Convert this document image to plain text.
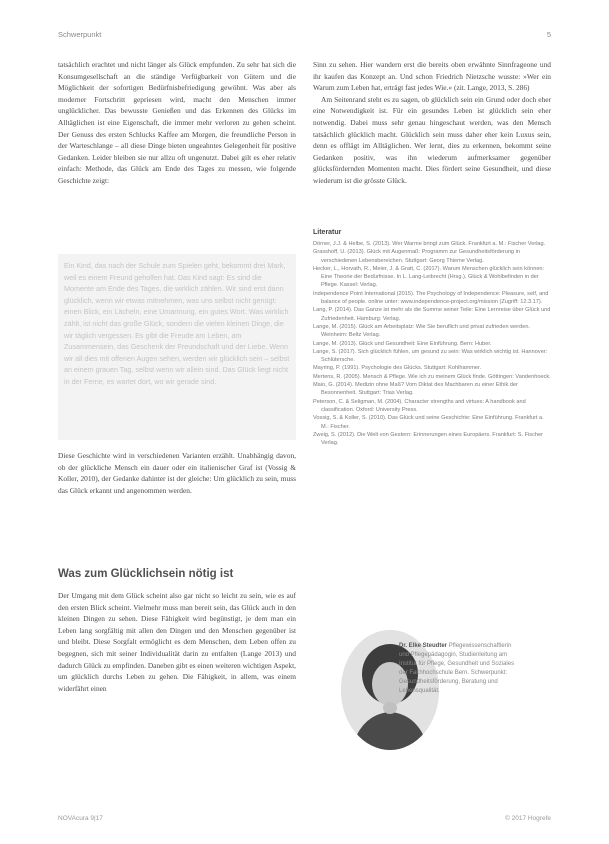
Schwerpunkt	5

tatsächlich erachtet und nicht länger als Glück empfunden. Zu sehr hat sich die Konsumgesellschaft an die ständige Verfügbarkeit von Gütern und die Möglichkeit der sofortigen Bedürfnisbefriedigung gewöhnt. Was aber als moderner Fortschritt gepriesen wird, macht den Menschen immer unglücklicher. Das bewusste Genießen und das Erkennen des Glücks im Alltäglichen ist eine Eigenschaft, die immer mehr verloren zu gehen scheint. Der Genuss des ersten Schlucks Kaffee am Morgen, die freundliche Person in der Warteschlange – all diese Dinge bieten ungeahntes Gelegenheit für positive Gedanken. Leider bleiben sie nur allzu oft ungenutzt. Dabei gilt es eher relativ einfach: Methode, das Glück am Ende des Tages zu messen, wie folgende Geschichte zeigt:

Ein Kind, das nach der Schule zum Spielen geht, bekommt drei Mark, weil es einem Freund geholfen hat. Das Kind sagt: Es sind die Momente am Ende des Tages, die wirklich zählen. Wir sind erst dann glücklich, wenn wir etwas mitnehmen, was uns selbst nicht genügt: einen Blick, ein Lächeln, eine Umarmung, ein gutes Wort. Was wirklich zählt, ist nicht das große Glück, sondern die vielen kleinen Dinge, die wir täglich vergessen. Es gibt die Freude am Leben, am Zusammensein, das Geschenk der Freundschaft und der Liebe. Wenn wir all dies mit offenen Augen sehen, werden wir glücklich sein – selbst an einem grauen Tag, selbst wenn wir allein sind. Das Glück liegt nicht in der Ferne, es wartet dort, wo wir gerade sind.

Diese Geschichte wird in verschiedenen Varianten erzählt. Unabhängig davon, ob der glückliche Mensch ein dauer oder ein italienischer Graf ist (Vossig & Koller, 2010), der Gedanke dahinter ist der gleiche: Um glücklich zu sein, muss das Glück erkannt und angenommen werden.

Was zum Glücklichsein nötig ist

Der Umgang mit dem Glück scheint also gar nicht so leicht zu sein, wie es auf den ersten Blick scheint. Vielmehr muss man bereit sein, das Glück auch in den kleinen Dingen zu sehen. Diese Fähigkeit wird begünstigt, je dem man ein Leben lang sorgfältig mit allen den Dingen und den Menschen gegenüber ist und bleibt. Diese Sorgfalt ermöglicht es dem Menschen, dem Leben offen zu begegnen, sich mit seiner Individualität darin zu entfalten (Lange 2013) und dadurch Glück zu empfinden. Daneben gibt es einen weiteren wichtigen Aspekt, um glücklich durchs Leben zu gehen. Die Fähigkeit, in allem, was einem widerfährt einen

Sinn zu sehen. Hier wandern erst die bereits oben erwähnte Sinnfrageone und ihr kaufen das Konzept an. Und schon Friedrich Nietzsche wusste: »Wer ein Warum zum Leben hat, erträgt fast jedes Wie.« (zit. Lange, 2013, S. 286)

Am Seitenrand steht es zu sagen, ob glücklich sein ein Grund oder doch eher eine Notwendigkeit ist. Für ein gesundes Leben ist glücklich sein eher notwendig. Dabei muss sehr genau hingeschaut werden, was den Mensch tatsächlich glücklich macht. Glücklich sein muss daher eher kein Luxus sein, denn es offlägt im Alltäglichen. Wer lernt, dies zu erkennen, bekommt seine Gedanken positiv, was ihn wiederum aufmerksamer gegenüber glücksfördernden Momenten macht. Dies fördert seine Gesundheit, und diese wiederum ist die grösste Glück.

Literatur
Dörner, J.J. & Helbe, S. (2013). Wer Warme bringt zum Glück. Frankfurt a. M.: Fischer Verlag.
Grasshoff, U. (2013). Glück mit Augenmaß: Programm zur Gesundheitsförderung in verschiedenen Lebensbereichen. Stuttgart: Georg Thieme Verlag.
Hecker, L., Horvath, R., Meier, J. & Gratt, C. (2017). Warum Menschen glücklich sein können: Eine Theorie der Bedürfnisse. In L. Lang-Leibrecht (Hrsg.), Glück & Wohlbefinden in der Pflege. Kassel: Verlag.
Independence Point International (2015). The Psychology of Independence: Pleasure, self, and balance of people. online unter: www.independence-project.org/mission (Zugriff: 12.3.17).
Lang, P. (2014). Das Ganze ist mehr als die Summe seiner Teile: Eine Lernreise über Glück und Zufriedenheit. Hamburg: Verlag.
Lange, M. (2015). Glück am Arbeitsplatz: Wie Sie beruflich und privat zufrieden werden. Weinheim: Beltz Verlag.
Lange, M. (2013). Glück und Gesundheit: Eine Einführung. Bern: Huber.
Lange, S. (2017). Sich glücklich fühlen, um gesund zu sein: Was wirklich wichtig ist. Hannover: Schlütersche.
Mayring, P. (1991). Psychologie des Glücks. Stuttgart: Kohlhammer.
Mertens, R. (2005). Mensch & Pflege. Wie ich zu meinem Glück finde. Göttingen: Vandenhoeck.
Maio, G. (2014). Medizin ohne Maß? Vom Diktat des Machbaren zu einer Ethik der Besonnenheit. Stuttgart: Trias Verlag.
Peterson, C. & Seligman, M. (2004). Character strengths and virtues: A handbook and classification. Oxford: University Press.
Vossig, S. & Koller, S. (2010). Das Glück und seine Geschichte: Eine Einführung. Frankfurt a. M.: Fischer.
Zweig, S. (2012). Die Welt von Gestern: Erinnerungen eines Europäers. Frankfurt: S. Fischer Verlag.
Dr. Elke Steudter Pflegewissenschaftlerin und Pflegepädagogin, Studienleitung am Institut für Pflege, Gesundheit und Soziales der Fachhochschule Bern. Schwerpunkt: Gesundheitsförderung, Beratung und Lebensqualität.
NOVAcura 9|17	© 2017 Hogrefe
